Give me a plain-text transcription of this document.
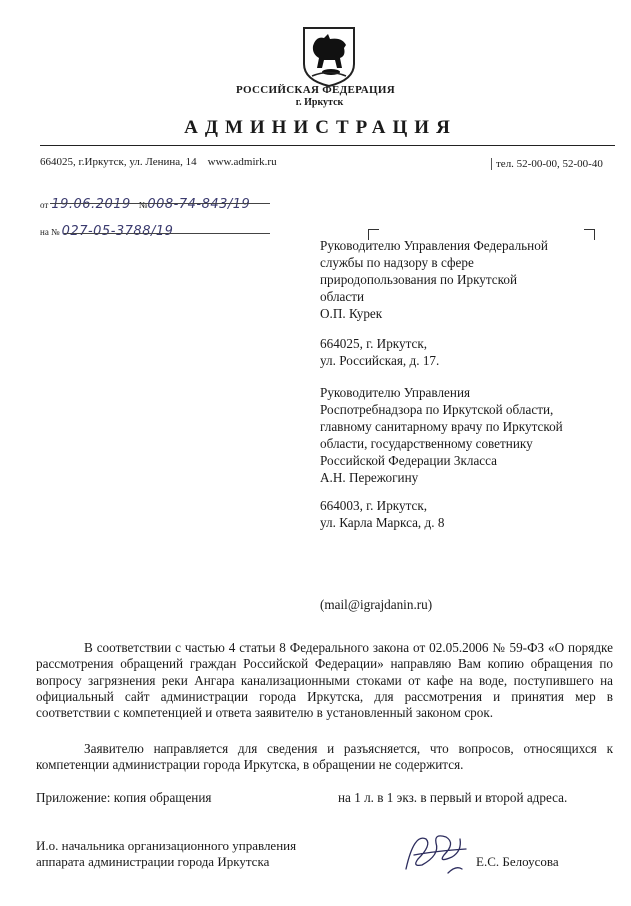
РОССИЙСКАЯ ФЕДЕРАЦИЯ
г. Иркутск
АДМИНИСТРАЦИЯ
664025, г.Иркутск, ул. Ленина, 14 www.admirk.ru	тел. 52-00-00, 52-00-40
от 19.06.2019 №008-74-843/19
на № 027-05-3788/19
Руководителю Управления Федеральной
службы по надзору в сфере
природопользования по Иркутской
области
О.П. Курек
664025, г. Иркутск,
ул. Российская, д. 17.
Руководителю Управления
Роспотребнадзора по Иркутской области,
главному санитарному врачу по Иркутской
области, государственному советнику
Российской Федерации 3класса
А.Н. Пережогину
664003, г. Иркутск,
ул. Карла Маркса, д. 8
(mail@igrajdanin.ru)
В соответствии с частью 4 статьи 8 Федерального закона от 02.05.2006 № 59-ФЗ «О порядке рассмотрения обращений граждан Российской Федерации» направляю Вам копию обращения по вопросу загрязнения реки Ангара канализационными стоками от кафе на воде, поступившего на официальный сайт администрации города Иркутска, для рассмотрения и принятия мер в соответствии с компетенцией и ответа заявителю в установленный законом срок.
Заявителю направляется для сведения и разъясняется, что вопросов, относящихся к компетенции администрации города Иркутска, в обращении не содержится.
Приложение: копия обращения	на 1 л. в 1 экз. в первый и второй адреса.
И.о. начальника организационного управления
аппарата администрации города Иркутска	Е.С. Белоусова
